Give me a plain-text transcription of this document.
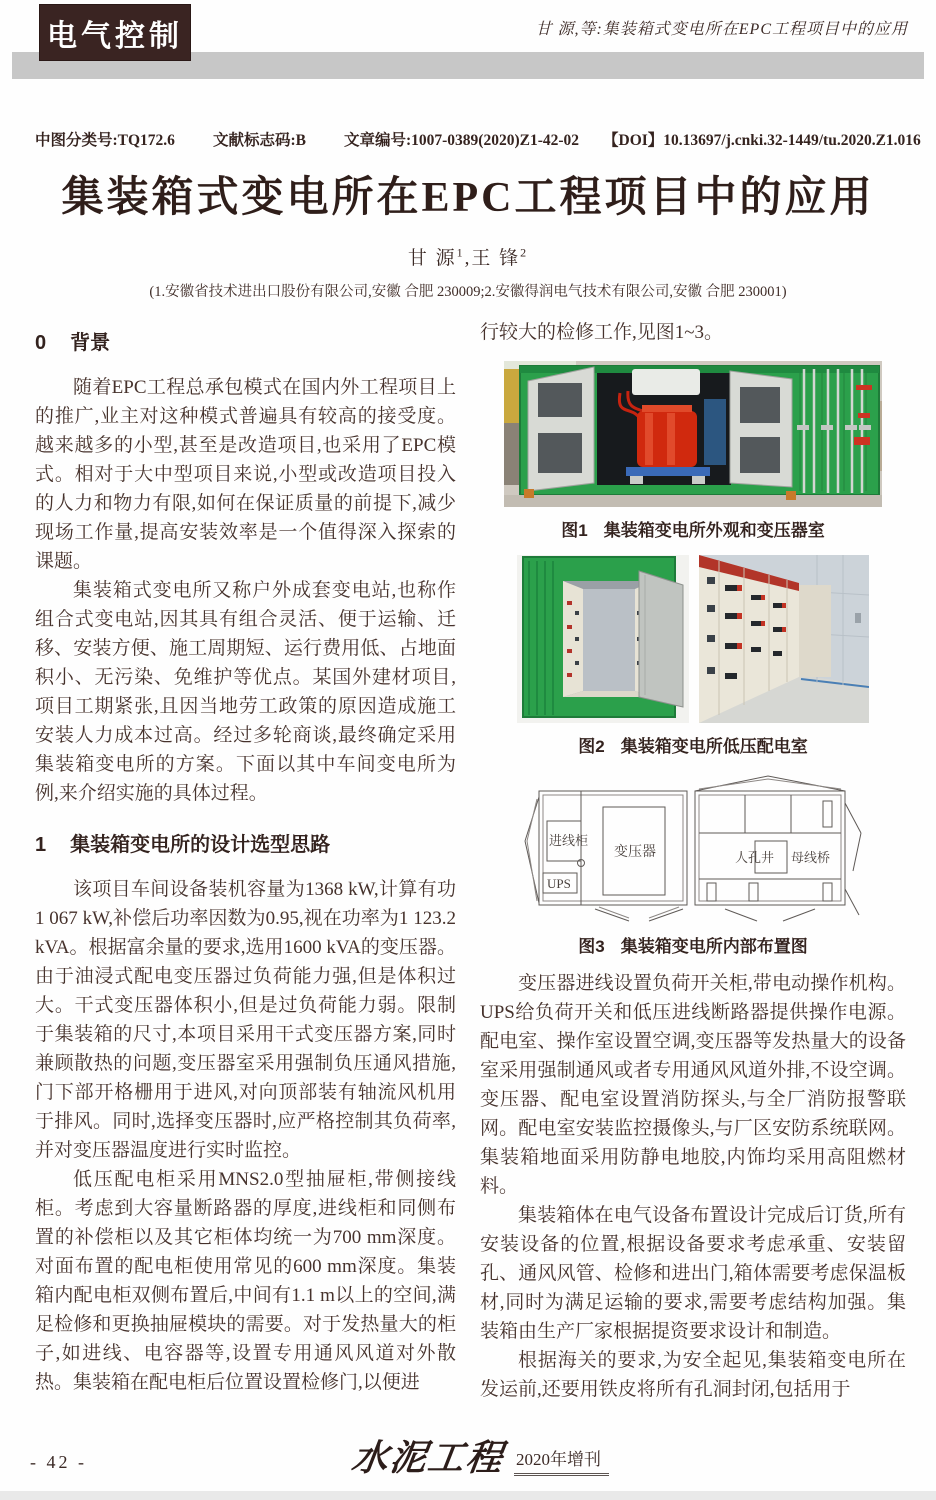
电气控制	甘 源,等:集装箱式变电所在EPC工程项目中的应用
中图分类号:TQ172.6 文献标志码:B 文章编号:1007-0389(2020)Z1-42-02 【DOI】10.13697/j.cnki.32-1449/tu.2020.Z1.016
集装箱式变电所在EPC工程项目中的应用
甘 源$^1$,王 锋$^2$
(1.安徽省技术进出口股份有限公司,安徽 合肥 230009;2.安徽得润电气技术有限公司,安徽 合肥 230001)
0 背景

随着EPC工程总承包模式在国内外工程项目上的推广,业主对这种模式普遍具有较高的接受度。越来越多的小型,甚至是改造项目,也采用了EPC模式。相对于大中型项目来说,小型或改造项目投入的人力和物力有限,如何在保证质量的前提下,减少现场工作量,提高安装效率是一个值得深入探索的课题。

集装箱式变电所又称户外成套变电站,也称作组合式变电站,因其具有组合灵活、便于运输、迁移、安装方便、施工周期短、运行费用低、占地面积小、无污染、免维护等优点。某国外建材项目,项目工期紧张,且因当地劳工政策的原因造成施工安装人力成本过高。经过多轮商谈,最终确定采用集装箱变电所的方案。下面以其中车间变电所为例,来介绍实施的具体过程。

1 集装箱变电所的设计选型思路

该项目车间设备装机容量为1368 kW,计算有功1 067 kW,补偿后功率因数为0.95,视在功率为1 123.2 kVA。根据富余量的要求,选用1600 kVA的变压器。由于油浸式配电变压器过负荷能力强,但是体积过大。干式变压器体积小,但是过负荷能力弱。限制于集装箱的尺寸,本项目采用干式变压器方案,同时兼顾散热的问题,变压器室采用强制负压通风措施,门下部开格栅用于进风,对向顶部装有轴流风机用于排风。同时,选择变压器时,应严格控制其负荷率,并对变压器温度进行实时监控。

低压配电柜采用MNS2.0型抽屉柜,带侧接线柜。考虑到大容量断路器的厚度,进线柜和同侧布置的补偿柜以及其它柜体均统一为700 mm深度。对面布置的配电柜使用常见的600 mm深度。集装箱内配电柜双侧布置后,中间有1.1 m以上的空间,满足检修和更换抽屉模块的需要。对于发热量大的柜子,如进线、电容器等,设置专用通风风道对外散热。集装箱在配电柜后位置设置检修门,以便进

行较大的检修工作,见图1~3。

图1 集装箱变电所外观和变压器室
图2 集装箱变电所低压配电室
进线柜
UPS
变压器	人孔井 母线桥
图3 集装箱变电所内部布置图

变压器进线设置负荷开关柜,带电动操作机构。UPS给负荷开关和低压进线断路器提供操作电源。配电室、操作室设置空调,变压器等发热量大的设备室采用强制通风或者专用通风风道外排,不设空调。变压器、配电室设置消防探头,与全厂消防报警联网。配电室安装监控摄像头,与厂区安防系统联网。集装箱地面采用防静电地胶,内饰均采用高阻燃材料。

集装箱体在电气设备布置设计完成后订货,所有安装设备的位置,根据设备要求考虑承重、安装留孔、通风风管、检修和进出门,箱体需要考虑保温板材,同时为满足运输的要求,需要考虑结构加强。集装箱由生产厂家根据提资要求设计和制造。

根据海关的要求,为安全起见,集装箱变电所在发运前,还要用铁皮将所有孔洞封闭,包括用于

- 42 -	水泥工程 2020年增刊
